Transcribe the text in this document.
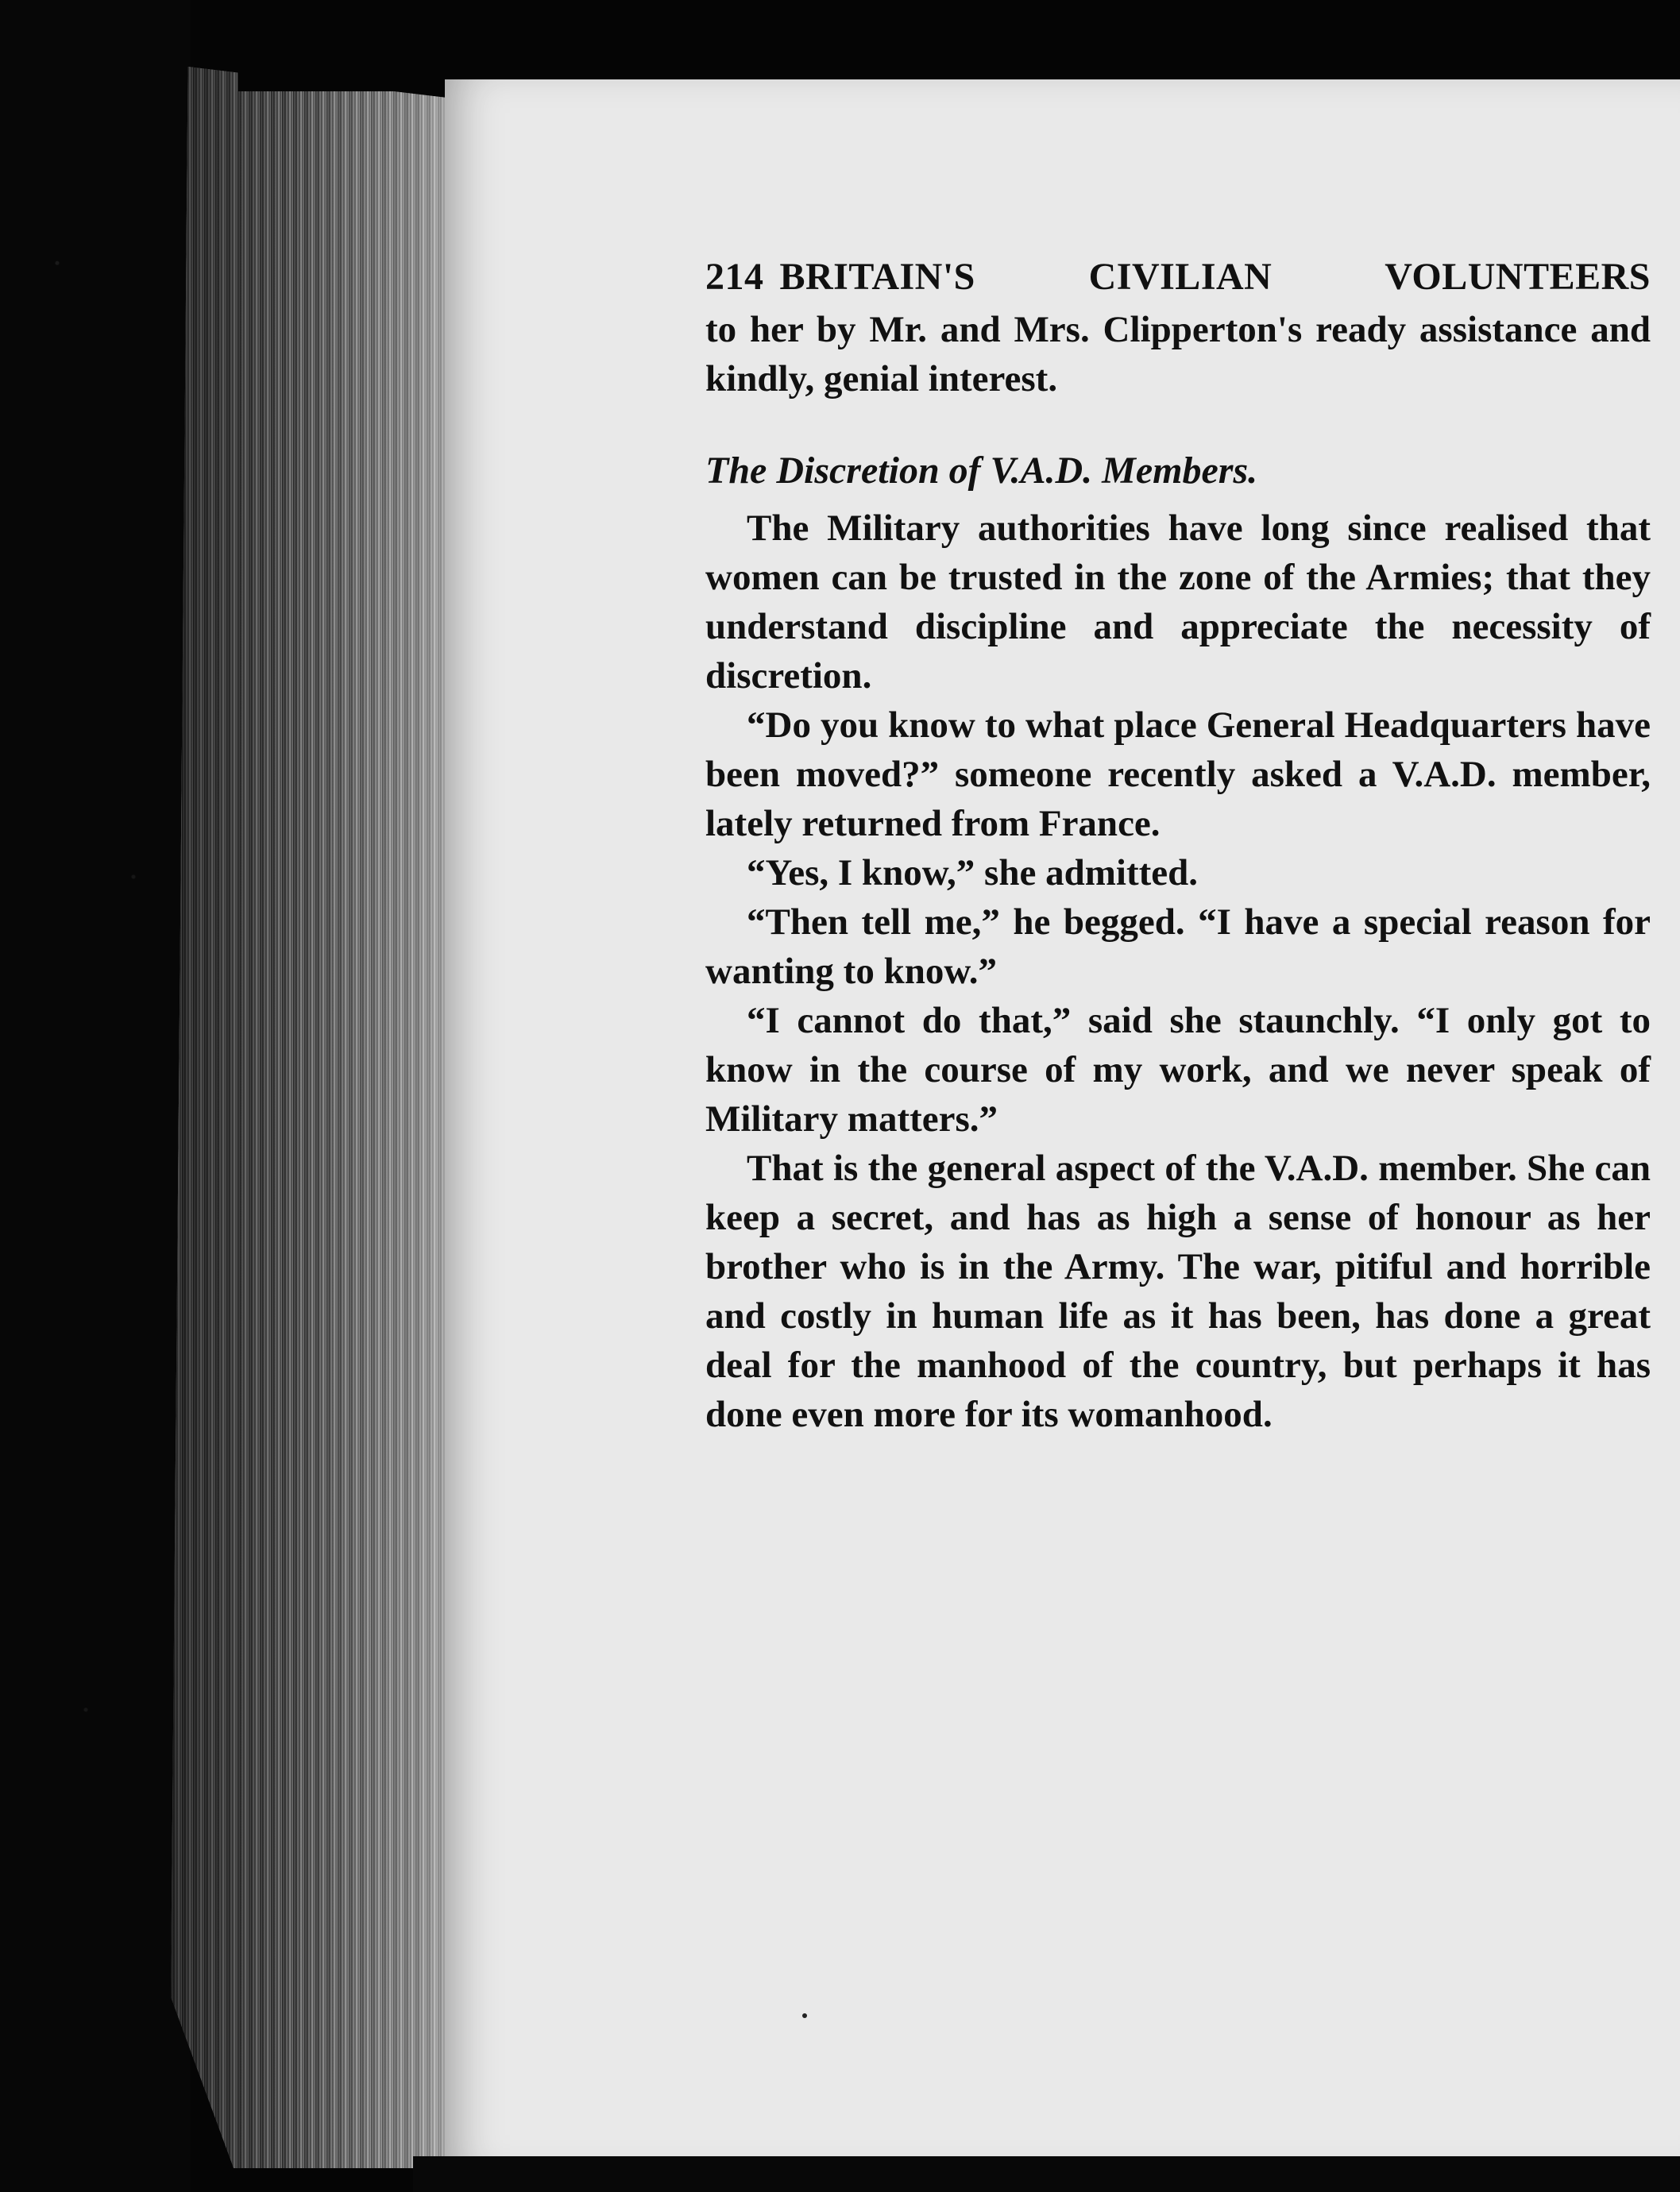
214 BRITAIN'S CIVILIAN VOLUNTEERS

to her by Mr. and Mrs. Clipperton's ready assistance and kindly, genial interest.

The Discretion of V.A.D. Members.

The Military authorities have long since realised that women can be trusted in the zone of the Armies; that they understand discipline and appreciate the necessity of discretion.

“Do you know to what place General Headquarters have been moved?” someone recently asked a V.A.D. member, lately returned from France.

“Yes, I know,” she admitted.

“Then tell me,” he begged. “I have a special reason for wanting to know.”

“I cannot do that,” said she staunchly. “I only got to know in the course of my work, and we never speak of Military matters.”

That is the general aspect of the V.A.D. member. She can keep a secret, and has as high a sense of honour as her brother who is in the Army. The war, pitiful and horrible and costly in human life as it has been, has done a great deal for the manhood of the country, but perhaps it has done even more for its womanhood.
